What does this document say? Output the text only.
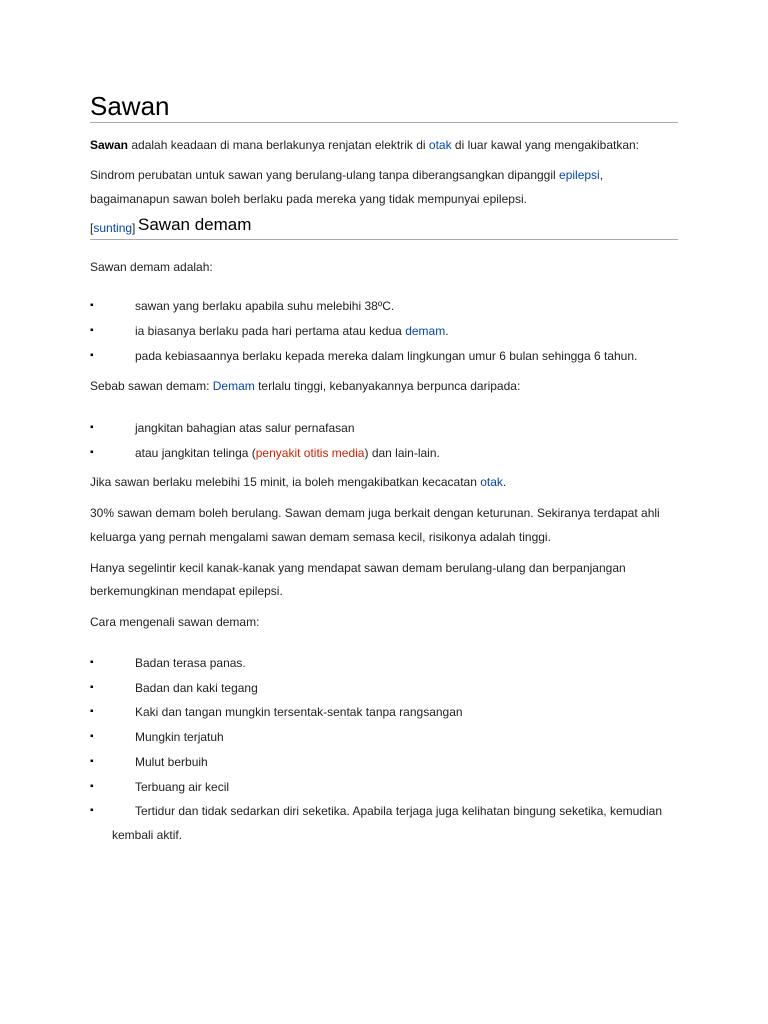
Sawan

Sawan adalah keadaan di mana berlakunya renjatan elektrik di otak di luar kawal yang mengakibatkan:

Sindrom perubatan untuk sawan yang berulang-ulang tanpa diberangsangkan dipanggil epilepsi,

bagaimanapun sawan boleh berlaku pada mereka yang tidak mempunyai epilepsi.

[sunting] Sawan demam

Sawan demam adalah:

▪	sawan yang berlaku apabila suhu melebihi 38ºC.
▪	ia biasanya berlaku pada hari pertama atau kedua demam.
▪	pada kebiasaannya berlaku kepada mereka dalam lingkungan umur 6 bulan sehingga 6 tahun.

Sebab sawan demam: Demam terlalu tinggi, kebanyakannya berpunca daripada:

▪	jangkitan bahagian atas salur pernafasan
▪	atau jangkitan telinga (penyakit otitis media) dan lain-lain.

Jika sawan berlaku melebihi 15 minit, ia boleh mengakibatkan kecacatan otak.

30% sawan demam boleh berulang. Sawan demam juga berkait dengan keturunan. Sekiranya terdapat ahli

keluarga yang pernah mengalami sawan demam semasa kecil, risikonya adalah tinggi.

Hanya segelintir kecil kanak-kanak yang mendapat sawan demam berulang-ulang dan berpanjangan

berkemungkinan mendapat epilepsi.

Cara mengenali sawan demam:

▪	Badan terasa panas.
▪	Badan dan kaki tegang
▪	Kaki dan tangan mungkin tersentak-sentak tanpa rangsangan
▪	Mungkin terjatuh
▪	Mulut berbuih
▪	Terbuang air kecil
▪	Tertidur dan tidak sedarkan diri seketika. Apabila terjaga juga kelihatan bingung seketika, kemudian

kembali aktif.
